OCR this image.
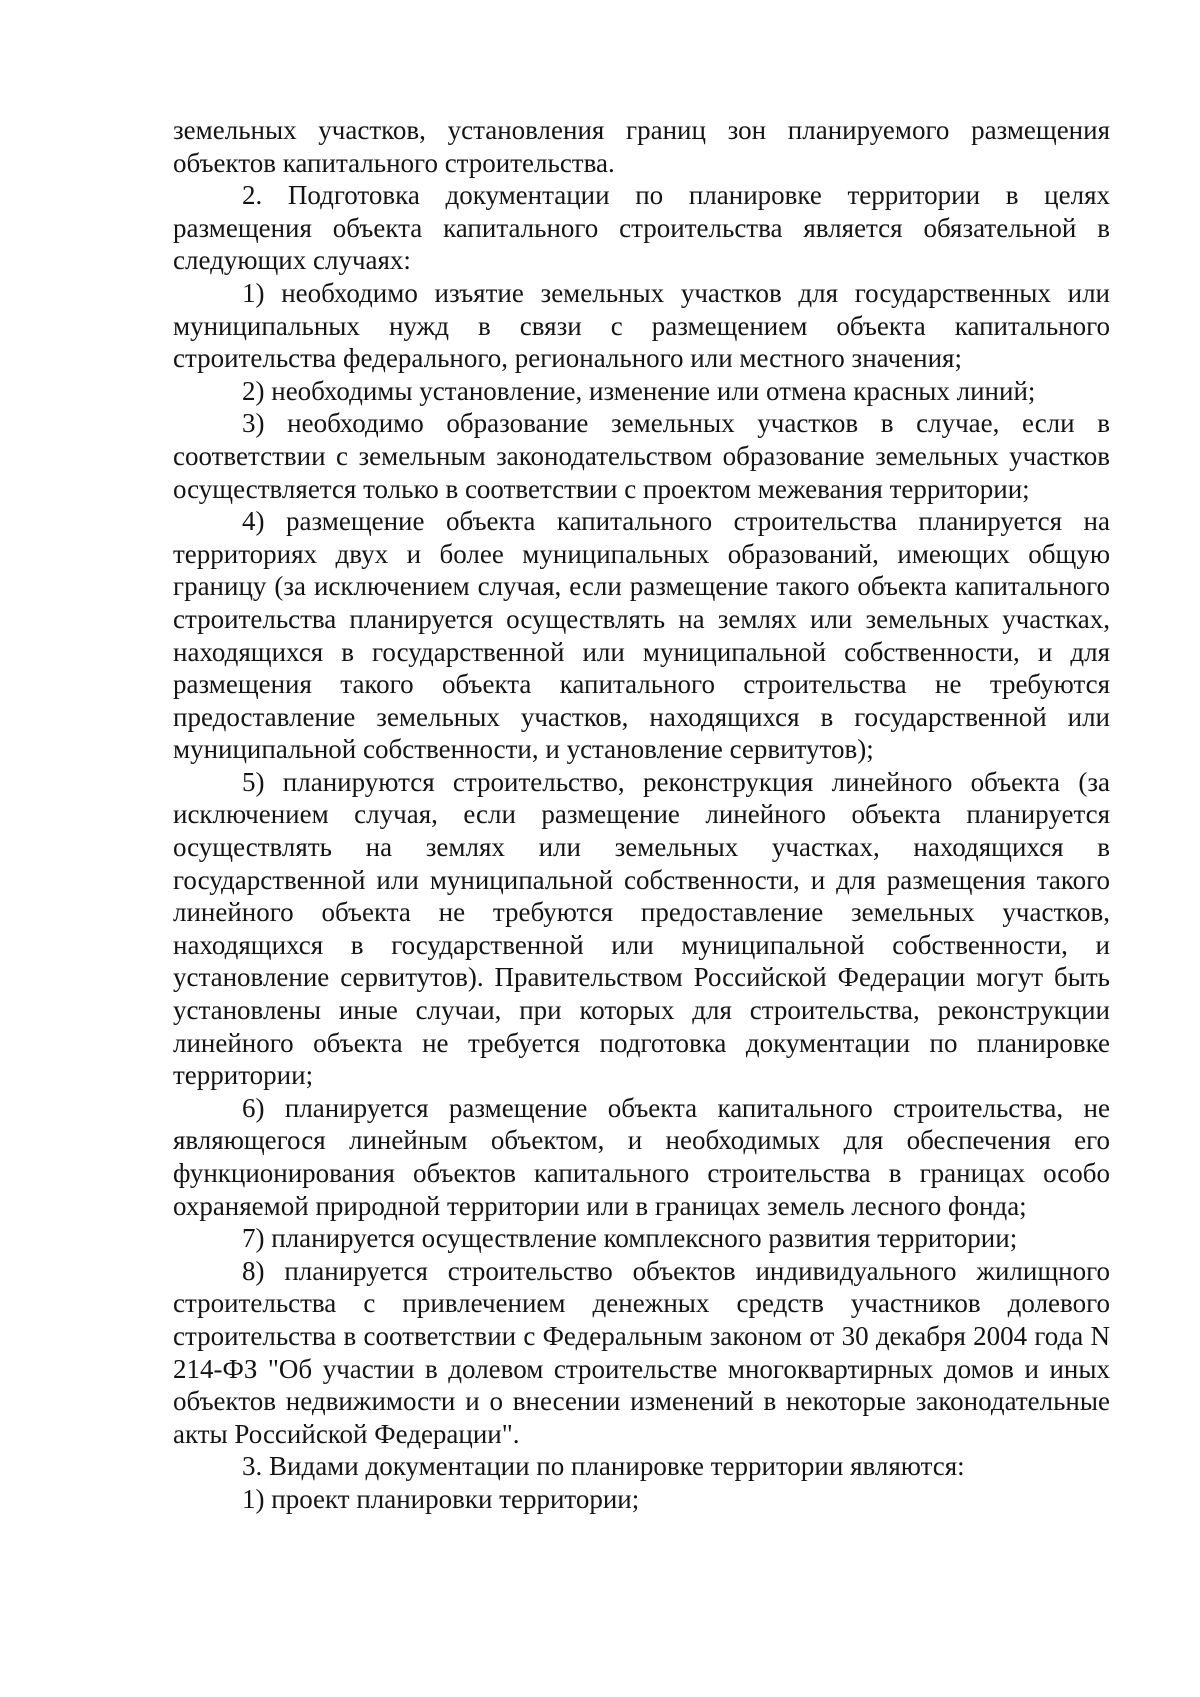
земельных участков, установления границ зон планируемого размещения объектов капитального строительства.

2. Подготовка документации по планировке территории в целях размещения объекта капитального строительства является обязательной в следующих случаях:

1) необходимо изъятие земельных участков для государственных или муниципальных нужд в связи с размещением объекта капитального строительства федерального, регионального или местного значения;

2) необходимы установление, изменение или отмена красных линий;

3) необходимо образование земельных участков в случае, если в соответствии с земельным законодательством образование земельных участков осуществляется только в соответствии с проектом межевания территории;

4) размещение объекта капитального строительства планируется на территориях двух и более муниципальных образований, имеющих общую границу (за исключением случая, если размещение такого объекта капитального строительства планируется осуществлять на землях или земельных участках, находящихся в государственной или муниципальной собственности, и для размещения такого объекта капитального строительства не требуются предоставление земельных участков, находящихся в государственной или муниципальной собственности, и установление сервитутов);

5) планируются строительство, реконструкция линейного объекта (за исключением случая, если размещение линейного объекта планируется осуществлять на землях или земельных участках, находящихся в государственной или муниципальной собственности, и для размещения такого линейного объекта не требуются предоставление земельных участков, находящихся в государственной или муниципальной собственности, и установление сервитутов). Правительством Российской Федерации могут быть установлены иные случаи, при которых для строительства, реконструкции линейного объекта не требуется подготовка документации по планировке территории;

6) планируется размещение объекта капитального строительства, не являющегося линейным объектом, и необходимых для обеспечения его функционирования объектов капитального строительства в границах особо охраняемой природной территории или в границах земель лесного фонда;

7) планируется осуществление комплексного развития территории;

8) планируется строительство объектов индивидуального жилищного строительства с привлечением денежных средств участников долевого строительства в соответствии с Федеральным законом от 30 декабря 2004 года N 214-ФЗ "Об участии в долевом строительстве многоквартирных домов и иных объектов недвижимости и о внесении изменений в некоторые законодательные акты Российской Федерации".

3. Видами документации по планировке территории являются:

1) проект планировки территории;
